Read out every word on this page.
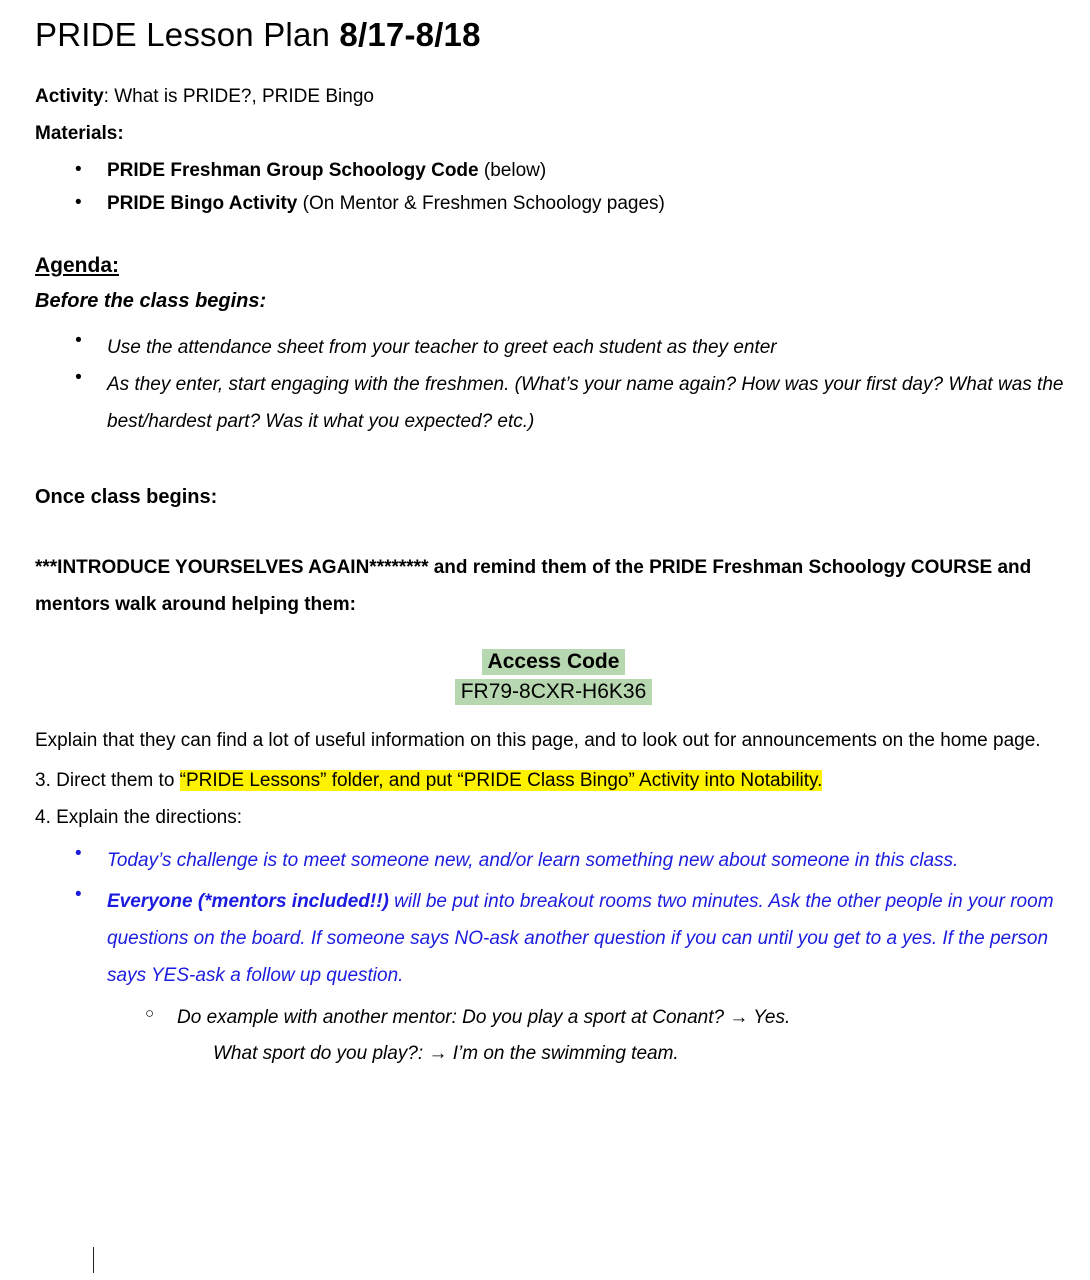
PRIDE Lesson Plan 8/17-8/18

Activity: What is PRIDE?, PRIDE Bingo

Materials:

• PRIDE Freshman Group Schoology Code (below)
• PRIDE Bingo Activity (On Mentor & Freshmen Schoology pages)

Agenda:

Before the class begins:

• Use the attendance sheet from your teacher to greet each student as they enter
• As they enter, start engaging with the freshmen. (What’s your name again? How was your first day? What was the best/hardest part? Was it what you expected? etc.)

Once class begins:

***INTRODUCE YOURSELVES AGAIN******** and remind them of the PRIDE Freshman Schoology COURSE and mentors walk around helping them:

Access Code
FR79-8CXR-H6K36

Explain that they can find a lot of useful information on this page, and to look out for announcements on the home page.

3. Direct them to “PRIDE Lessons” folder, and put “PRIDE Class Bingo” Activity into Notability.

4. Explain the directions:

• Today’s challenge is to meet someone new, and/or learn something new about someone in this class.
• Everyone (*mentors included!!) will be put into breakout rooms two minutes. Ask the other people in your room questions on the board. If someone says NO-ask another question if you can until you get to a yes. If the person says YES-ask a follow up question.
○ Do example with another mentor: Do you play a sport at Conant? → Yes.

What sport do you play?: → I’m on the swimming team.
